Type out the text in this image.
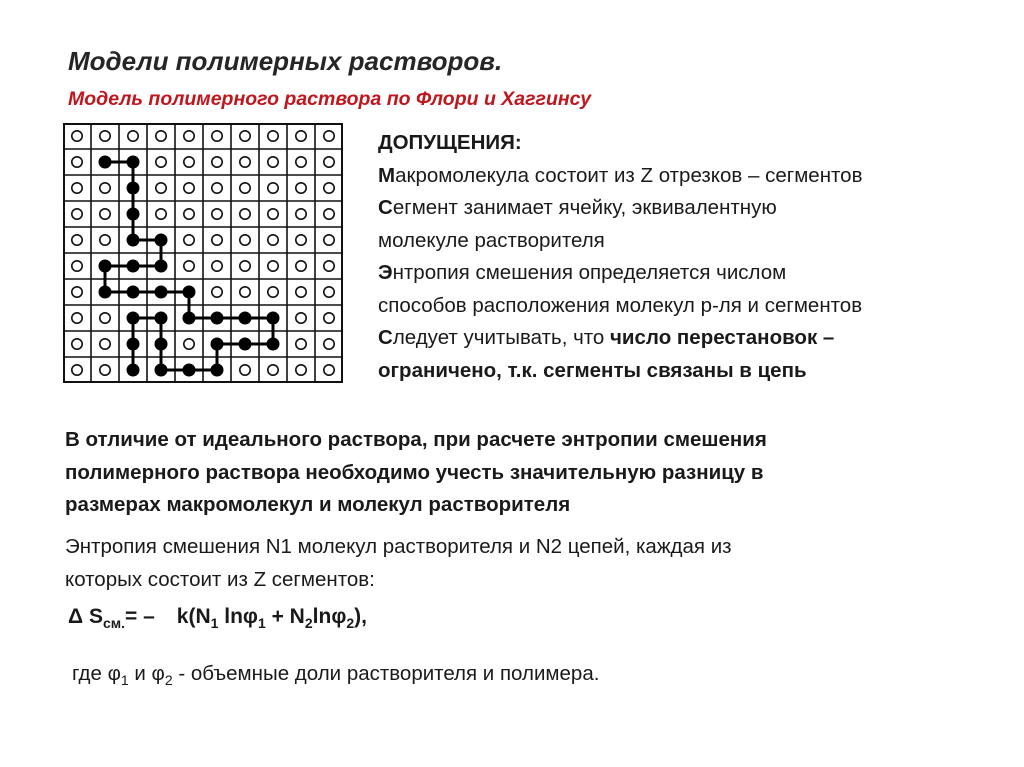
Модели полимерных растворов.
Модель полимерного раствора по Флори и Хаггинсу
ДОПУЩЕНИЯ:
Макромолекула состоит из Z отрезков – сегментов
Сегмент занимает ячейку, эквивалентную
молекуле растворителя
Энтропия смешения определяется числом
способов расположения молекул р-ля и сегментов
Следует учитывать, что число перестановок –
ограничено, т.к. сегменты связаны в цепь
В отличие от идеального раствора, при расчете энтропии смешения
полимерного раствора необходимо учесть значительную разницу в
размерах макромолекул и молекул растворителя
Энтропия смешения N1 молекул растворителя и N2 цепей, каждая из
которых состоит из Z сегментов:
Δ $S_{см.}= - k(N_1$ $\ln\varphi_1 + N_2\ln\varphi_2$),
где $\varphi_1$ и $\varphi_2$ - объемные доли растворителя и полимера.
